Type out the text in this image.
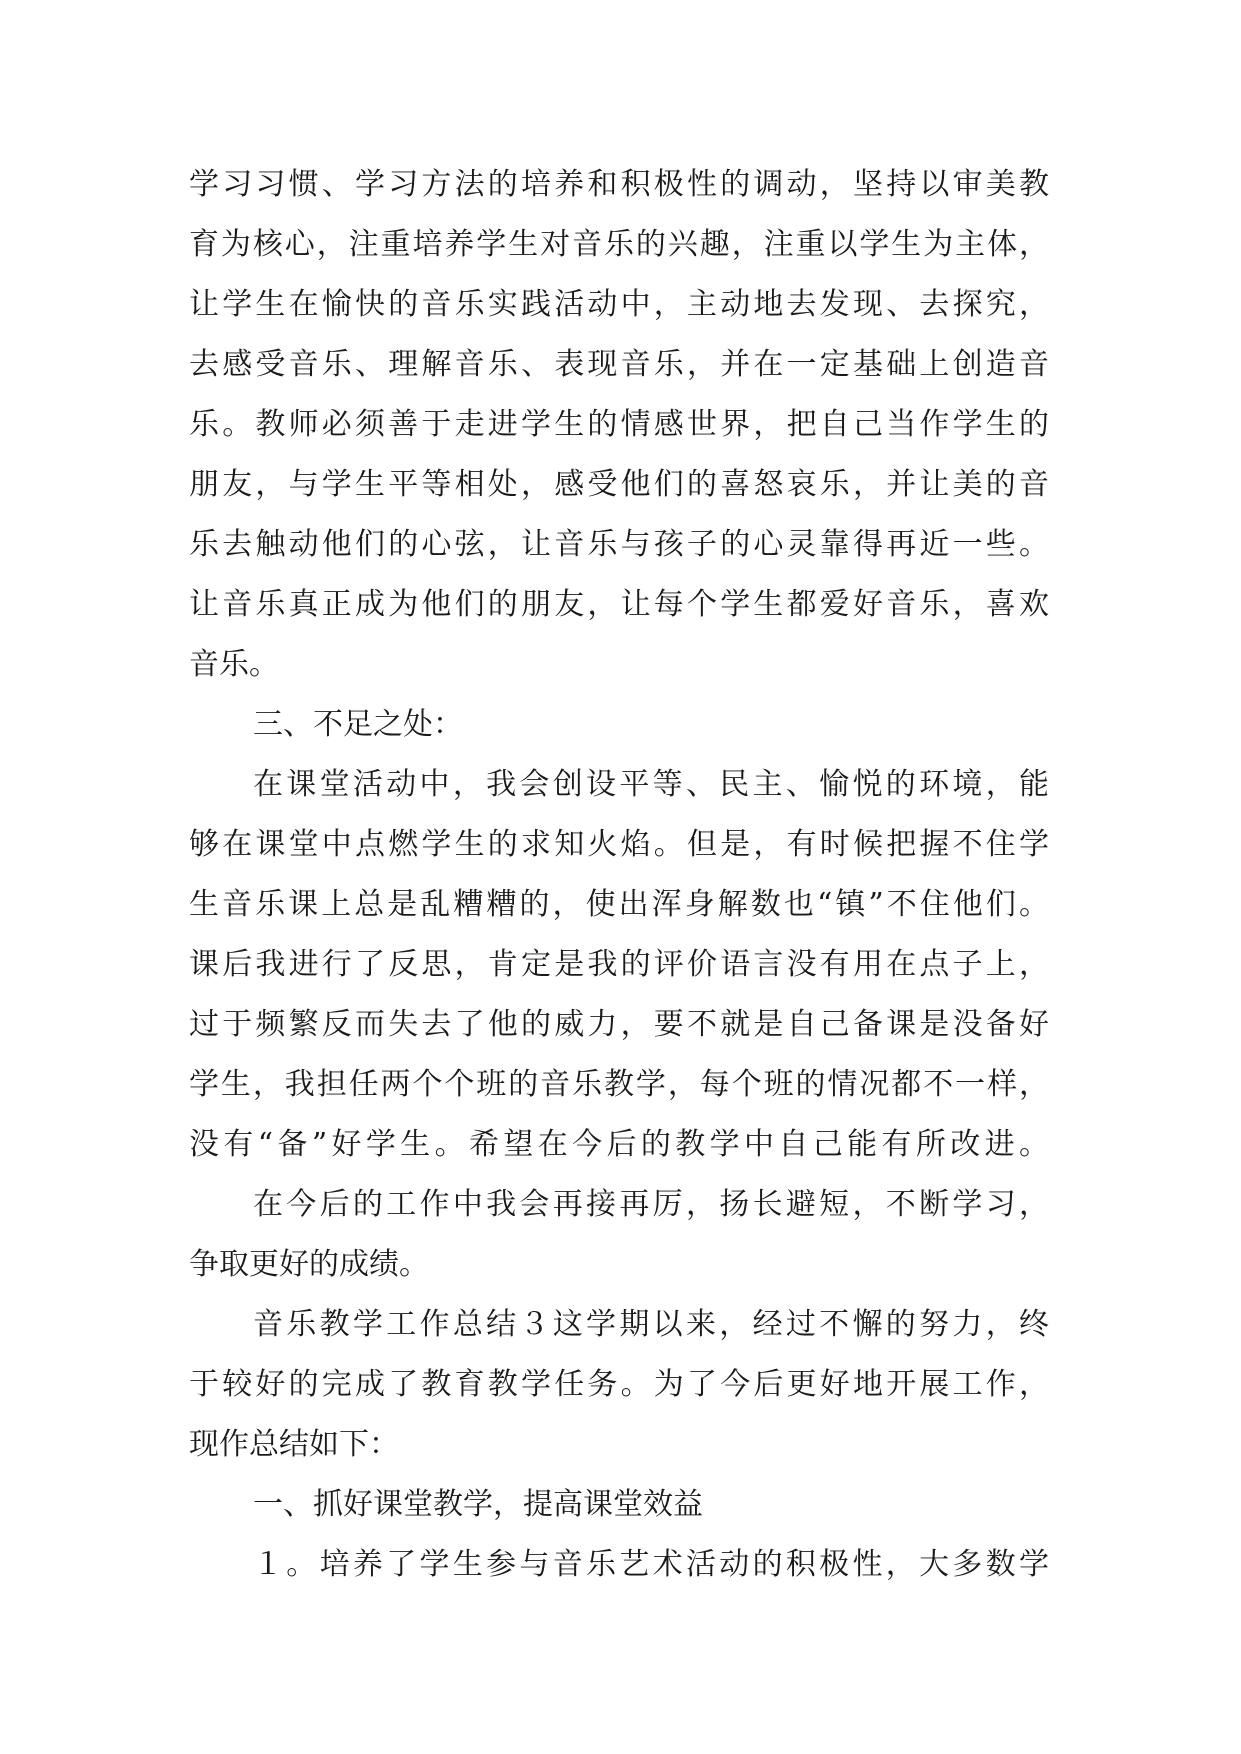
学习习惯、学习方法的培养和积极性的调动，坚持以审美教
育为核心，注重培养学生对音乐的兴趣，注重以学生为主体，
让学生在愉快的音乐实践活动中，主动地去发现、去探究，
去感受音乐、理解音乐、表现音乐，并在一定基础上创造音
乐。教师必须善于走进学生的情感世界，把自己当作学生的
朋友，与学生平等相处，感受他们的喜怒哀乐，并让美的音
乐去触动他们的心弦，让音乐与孩子的心灵靠得再近一些。
让音乐真正成为他们的朋友，让每个学生都爱好音乐，喜欢
音乐。
三、不足之处：
在课堂活动中，我会创设平等、民主、愉悦的环境，能
够在课堂中点燃学生的求知火焰。但是，有时候把握不住学
生音乐课上总是乱糟糟的，使出浑身解数也“镇”不住他们。
课后我进行了反思，肯定是我的评价语言没有用在点子上，
过于频繁反而失去了他的威力，要不就是自己备课是没备好
学生，我担任两个个班的音乐教学，每个班的情况都不一样，
没有“备”好学生。希望在今后的教学中自己能有所改进。
在今后的工作中我会再接再厉，扬长避短，不断学习，
争取更好的成绩。
音乐教学工作总结３这学期以来，经过不懈的努力，终
于较好的完成了教育教学任务。为了今后更好地开展工作，
现作总结如下：
一、抓好课堂教学，提高课堂效益
１。培养了学生参与音乐艺术活动的积极性，大多数学
